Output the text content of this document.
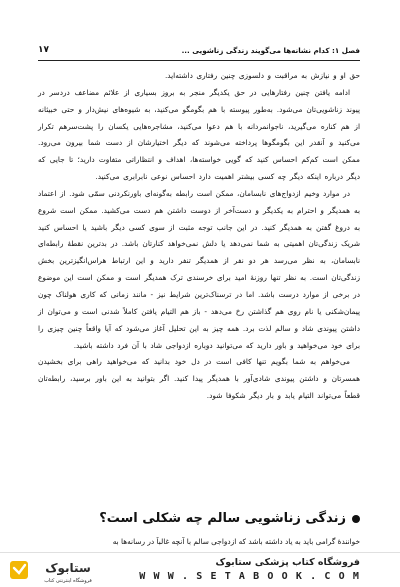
فصل ۱: کدام نشانه‌ها می‌گویند زندگی زناشویی ...
۱۷

حق او و نیازش به مراقبت و دلسوزی چنین رفتاری داشته‌اید.

ادامه یافتن چنین رفتارهایی در حق یکدیگر منجر به بروز بسیاری از علائم مضاعف دردسر در پیوند زناشویی‌تان می‌شود. به‌طور پیوسته با هم بگومگو می‌کنید، به شیوه‌های نیش‌دار و حتی خبیثانه از هم کناره می‌گیرید، ناجوانمردانه با هم دعوا می‌کنید، مشاجره‌هایی یکسان را پشت‌سرهم تکرار می‌کنید و آنقدر این بگومگوها پرداخته می‌شوند که دیگر اختیارشان از دست شما بیرون می‌رود. ممکن است کم‌کم احساس کنید که گویی خواسته‌ها، اهداف و انتظاراتی متفاوت دارید؛ تا جایی که دیگر درباره اینکه دیگر چه کسی بیشتر اهمیت دارد احساس نوعی نابرابری می‌کنید.

در موارد وخیم ازدواج‌های نابسامان، ممکن است رابطه به‌گونه‌ای باورنکردنی سمّی شود. از اعتماد به همدیگر و احترام به یکدیگر و دست‌آخر از دوست داشتن هم دست می‌کشید. ممکن است شروع به دروغ گفتن به همدیگر کنید. در این جانب توجه مثبت از سوی کسی دیگر باشید یا احساس کنید شریک زندگی‌تان اهمیتی به شما نمی‌دهد یا دلش نمی‌خواهد کنارتان باشد. در بدترین نقطهٔ رابطه‌ای نابسامان، به نظر می‌رسد هر دو نفر از همدیگر تنفر دارید و این ارتباط هراس‌انگیزترین بخش زندگی‌تان است. به نظر تنها روزنهٔ امید برای خرسندی ترک همدیگر است و ممکن است این موضوع در برخی از موارد درست باشد. اما در ترسناک‌ترین شرایط نیز - مانند زمانی که کاری هولناک چون پیمان‌شکنی یا نام روی هم گذاشتن رخ می‌دهد - باز هم التیام یافتن کاملاً شدنی است و می‌توان از داشتن پیوندی شاد و سالم لذت برد. همه چیز به این تحلیل آغاز می‌شود که آیا واقعاً چنین چیزی را برای خود می‌خواهید و باور دارید که می‌توانید دوباره ازدواجی شاد با آن فرد داشته باشید.

می‌خواهم به شما بگویم تنها کافی است در دل خود بدانید که می‌خواهید راهی برای بخشیدن همسرتان و داشتن پیوندی شادی‌آور با همدیگر پیدا کنید. اگر بتوانید به این باور برسید، رابطه‌تان قطعاً می‌تواند التیام یابد و بار دیگر شکوفا شود.

زندگی زناشویی سالم چه شکلی است؟
خوانندهٔ گرامی باید به یاد داشته باشد که ازدواجی سالم با آنچه غالباً در رسانه‌ها به
ستابوک
فروشگاه اینترنتی کتاب
فروشگاه کتاب پزشکی ستابوک
W W W . S E T A B O O K . C O M
